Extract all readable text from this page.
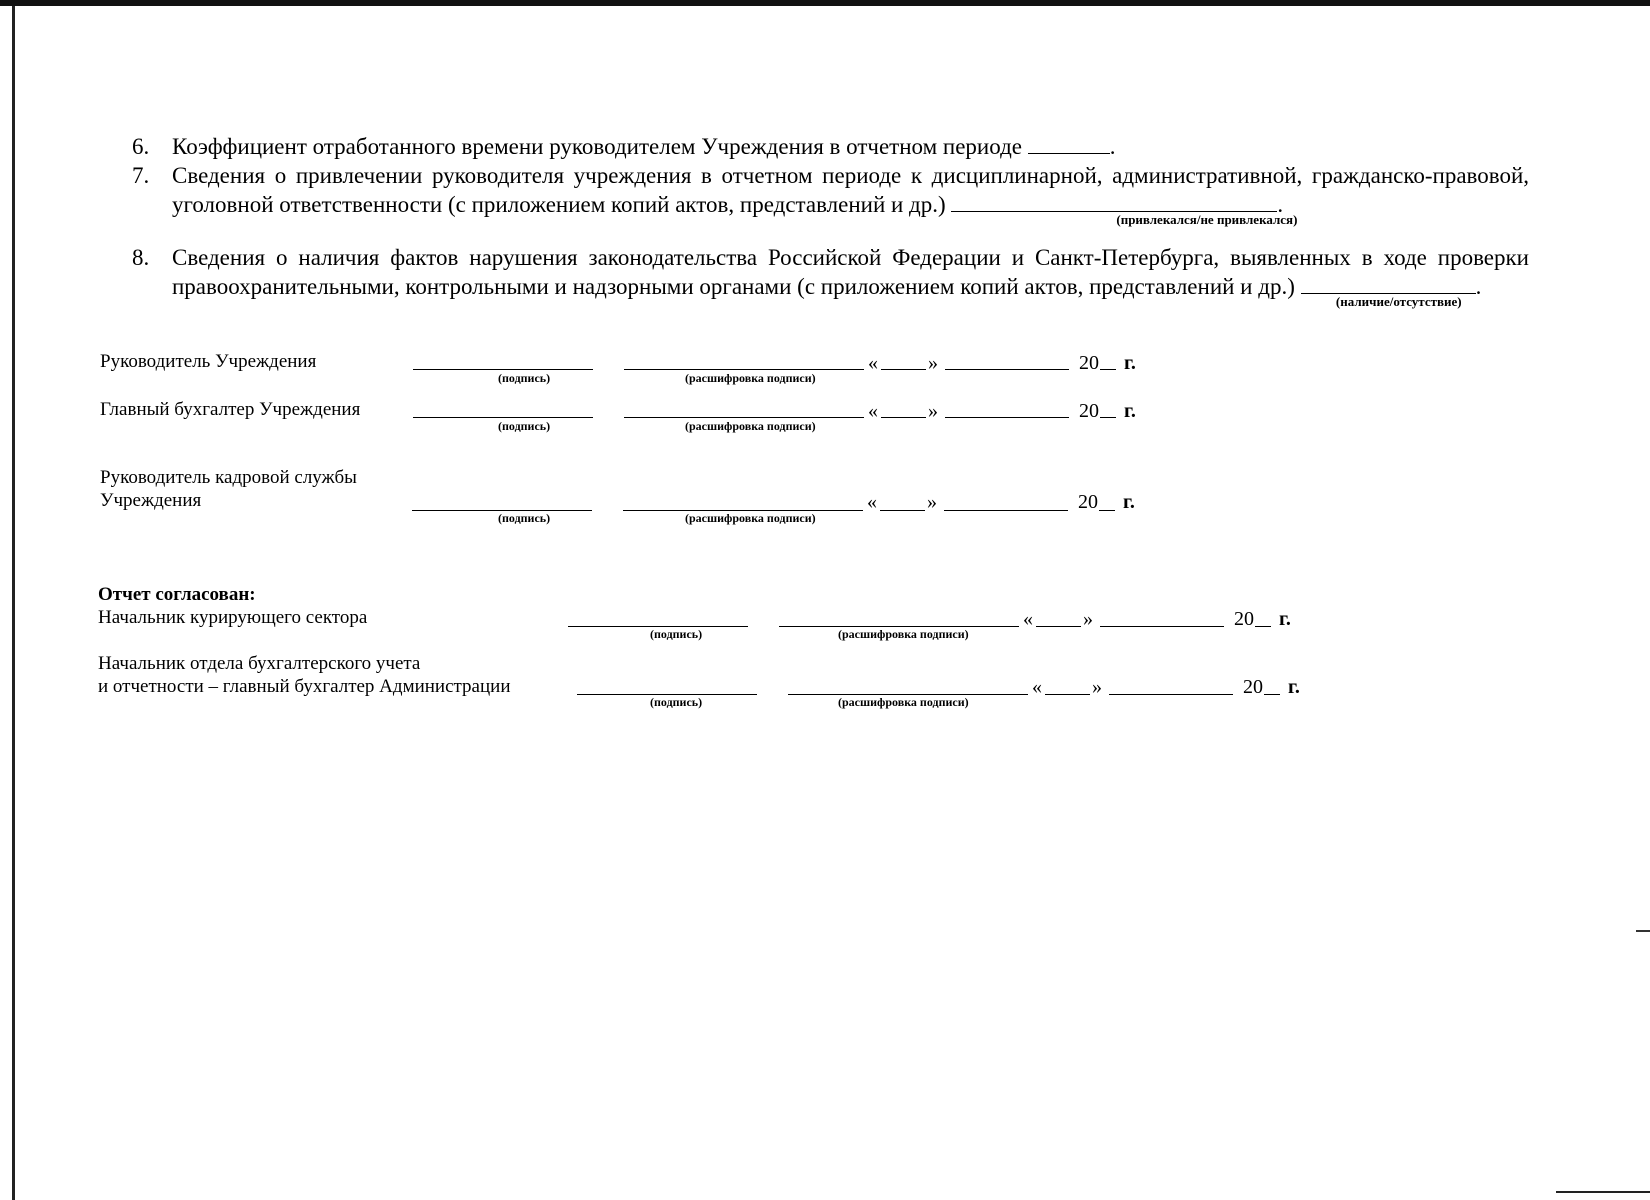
6. Коэффициент отработанного времени руководителем Учреждения в отчетном периоде	.
7. Сведения о привлечении руководителя учреждения в отчетном периоде к дисциплинарной, административной, гражданско-правовой, уголовной ответственности (с приложением копий актов, представлений и др.)
(привлекался/не привлекался)
.
8. Сведения о наличия фактов нарушения законодательства Российской Федерации и Санкт-Петербурга, выявленных в ходе проверки правоохранительными, контрольными и надзорными органами (с приложением копий актов, представлений и др.)
(наличие/отсутствие)
.
Руководитель Учреждения
(подпись)	(расшифровка подписи)
«	»	20 г.
Главный бухгалтер Учреждения
(подпись)	(расшифровка подписи)
«	»	20 г.
Руководитель кадровой службы
Учреждения
(подпись)	(расшифровка подписи)
«	»	20 г.
Отчет согласован:
Начальник курирующего сектора
(подпись)	(расшифровка подписи)
«	»	20 г.
Начальник отдела бухгалтерского учета
и отчетности – главный бухгалтер Администрации
(подпись)	(расшифровка подписи)
«	»	20 г.
